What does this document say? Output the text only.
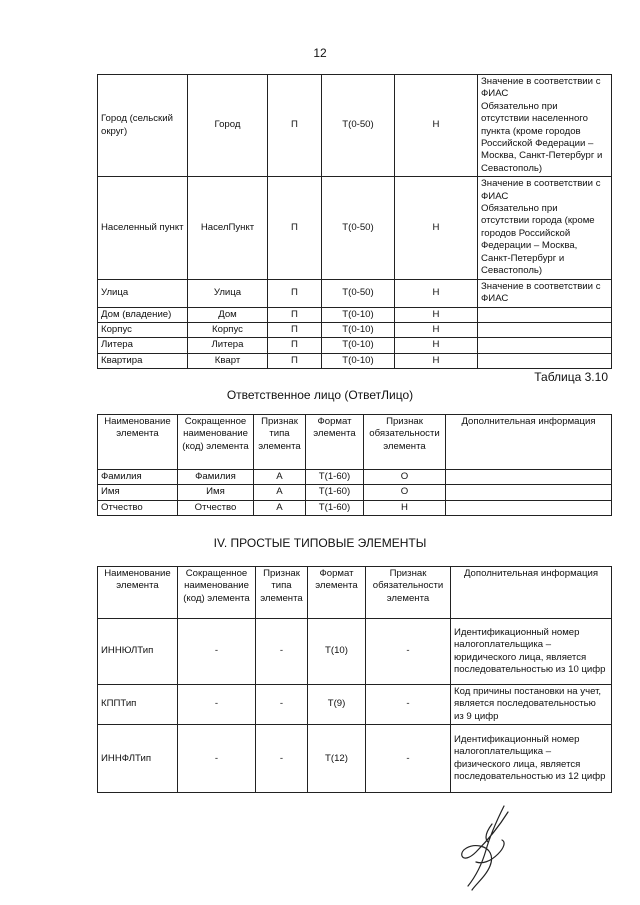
12
Город (сельский округ)	Город	П	Т(0-50)	Н	Значение в соответствии с ФИАС
Обязательно при отсутствии населенного пункта (кроме городов Российской Федерации – Москва, Санкт-Петербург и Севастополь)
Населенный пункт	НаселПункт	П	Т(0-50)	Н	Значение в соответствии с ФИАС
Обязательно при отсутствии города (кроме городов Российской Федерации – Москва, Санкт-Петербург и Севастополь)
Улица	Улица	П	Т(0-50)	Н	Значение в соответствии с ФИАС
Дом (владение)	Дом	П	Т(0-10)	Н	
Корпус	Корпус	П	Т(0-10)	Н	
Литера	Литера	П	Т(0-10)	Н	
Квартира	Кварт	П	Т(0-10)	Н	
Таблица 3.10
Ответственное лицо (ОтветЛицо)
Наименование элемента	Сокращенное наименование (код) элемента	Признак типа элемента	Формат элемента	Признак обязательности элемента	Дополнительная информация
Фамилия	Фамилия	А	Т(1-60)	О	
Имя	Имя	А	Т(1-60)	О	
Отчество	Отчество	А	Т(1-60)	Н	
IV. ПРОСТЫЕ ТИПОВЫЕ ЭЛЕМЕНТЫ
Наименование элемента	Сокращенное наименование (код) элемента	Признак типа элемента	Формат элемента	Признак обязательности элемента	Дополнительная информация
ИННЮЛТип	-	-	Т(10)	-	Идентификационный номер налогоплательщика – юридического лица, является последовательностью из 10 цифр
КППТип	-	-	Т(9)	-	Код причины постановки на учет, является последовательностью из 9 цифр
ИННФЛТип	-	-	Т(12)	-	Идентификационный номер налогоплательщика – физического лица, является последовательностью из 12 цифр
